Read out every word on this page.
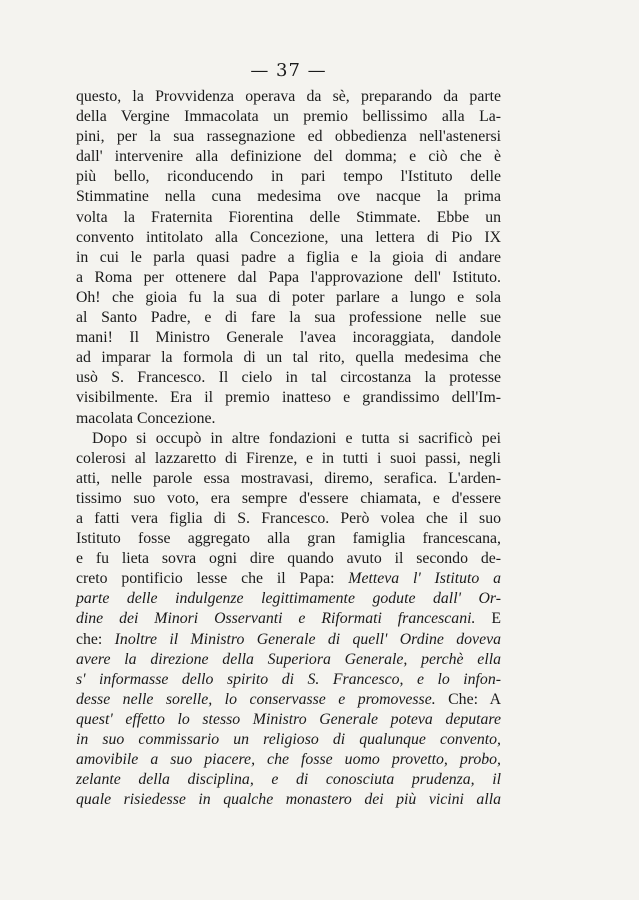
— 37 —
questo, la Provvidenza operava da sè, preparando da parte
della Vergine Immacolata un premio bellissimo alla La-
pini, per la sua rassegnazione ed obbedienza nell'astenersi
dall' intervenire alla definizione del domma; e ciò che è
più bello, riconducendo in pari tempo l'Istituto delle
Stimmatine nella cuna medesima ove nacque la prima
volta la Fraternita Fiorentina delle Stimmate. Ebbe un
convento intitolato alla Concezione, una lettera di Pio IX
in cui le parla quasi padre a figlia e la gioia di andare
a Roma per ottenere dal Papa l'approvazione dell' Istituto.
Oh! che gioia fu la sua di poter parlare a lungo e sola
al Santo Padre, e di fare la sua professione nelle sue
mani! Il Ministro Generale l'avea incoraggiata, dandole
ad imparar la formola di un tal rito, quella medesima che
usò S. Francesco. Il cielo in tal circostanza la protesse
visibilmente. Era il premio inatteso e grandissimo dell'Im-
macolata Concezione.
Dopo si occupò in altre fondazioni e tutta si sacrificò pei
colerosi al lazzaretto di Firenze, e in tutti i suoi passi, negli
atti, nelle parole essa mostravasi, diremo, serafica. L'arden-
tissimo suo voto, era sempre d'essere chiamata, e d'essere
a fatti vera figlia di S. Francesco. Però volea che il suo
Istituto fosse aggregato alla gran famiglia francescana,
e fu lieta sovra ogni dire quando avuto il secondo de-
creto pontificio lesse che il Papa: Metteva l' Istituto a
parte delle indulgenze legittimamente godute dall' Or-
dine dei Minori Osservanti e Riformati francescani. E
che: Inoltre il Ministro Generale di quell' Ordine doveva
avere la direzione della Superiora Generale, perchè ella
s' informasse dello spirito di S. Francesco, e lo infon-
desse nelle sorelle, lo conservasse e promovesse. Che: A
quest' effetto lo stesso Ministro Generale poteva deputare
in suo commissario un religioso di qualunque convento,
amovibile a suo piacere, che fosse uomo provetto, probo,
zelante della disciplina, e di conosciuta prudenza, il
quale risiedesse in qualche monastero dei più vicini alla
